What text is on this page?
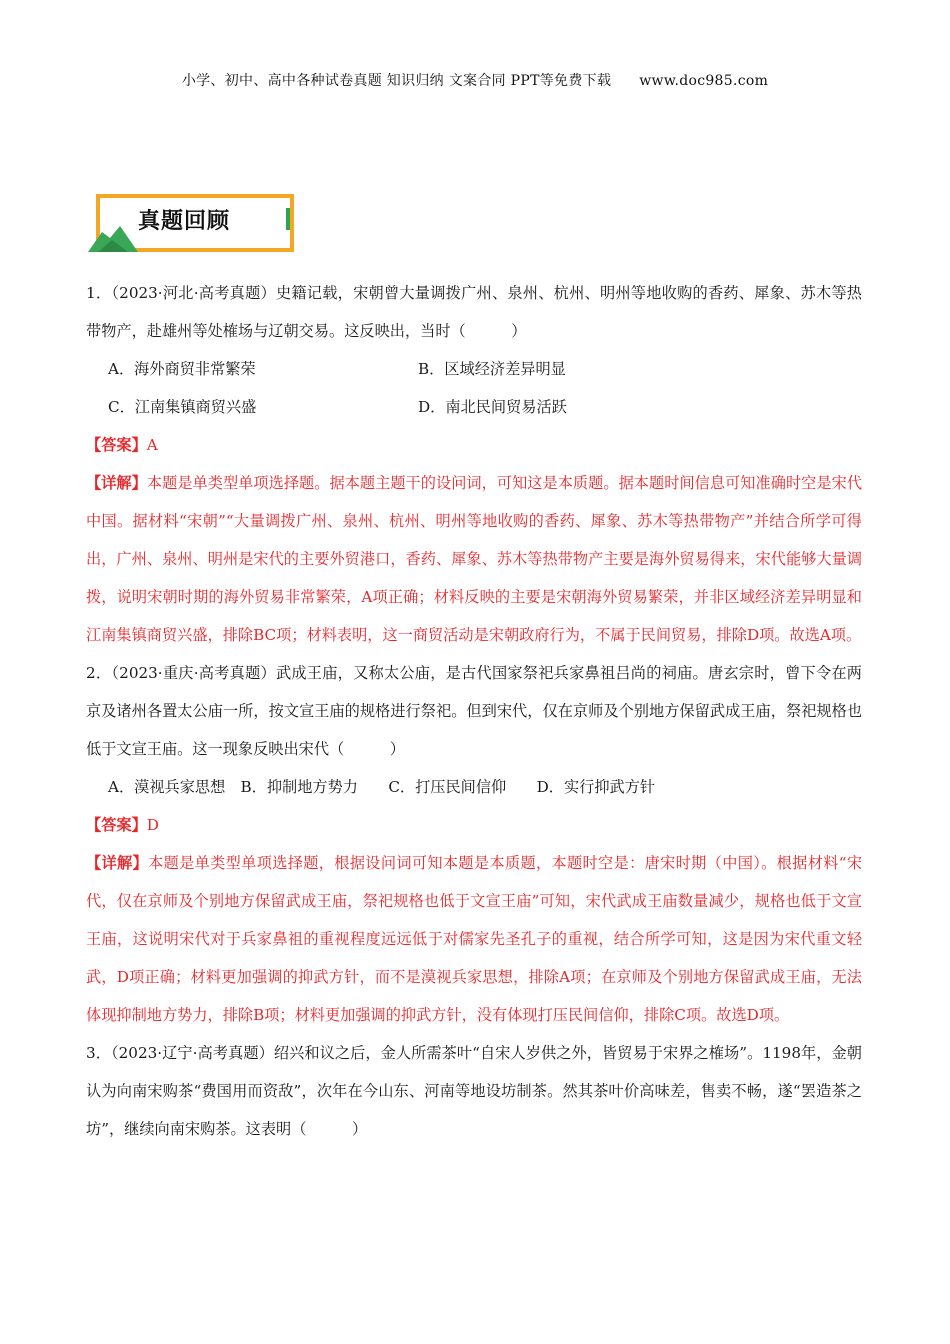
小学、初中、高中各种试卷真题 知识归纳 文案合同 PPT等免费下载 www.doc985.com
真题回顾

1．（2023·河北·高考真题）史籍记载，宋朝曾大量调拨广州、泉州、杭州、明州等地收购的香药、犀象、苏木等热带物产，赴雄州等处榷场与辽朝交易。这反映出，当时（　　　）

A．海外商贸非常繁荣	B．区域经济差异明显
C．江南集镇商贸兴盛	D．南北民间贸易活跃

【答案】A

【详解】本题是单类型单项选择题。据本题主题干的设问词，可知这是本质题。据本题时间信息可知准确时空是宋代中国。据材料“宋朝”“大量调拨广州、泉州、杭州、明州等地收购的香药、犀象、苏木等热带物产”并结合所学可得出，广州、泉州、明州是宋代的主要外贸港口，香药、犀象、苏木等热带物产主要是海外贸易得来，宋代能够大量调拨，说明宋朝时期的海外贸易非常繁荣，A项正确；材料反映的主要是宋朝海外贸易繁荣，并非区域经济差异明显和江南集镇商贸兴盛，排除BC项；材料表明，这一商贸活动是宋朝政府行为，不属于民间贸易，排除D项。故选A项。

2．（2023·重庆·高考真题）武成王庙，又称太公庙，是古代国家祭祀兵家鼻祖吕尚的祠庙。唐玄宗时，曾下令在两京及诸州各置太公庙一所，按文宣王庙的规格进行祭祀。但到宋代，仅在京师及个别地方保留武成王庙，祭祀规格也低于文宣王庙。这一现象反映出宋代（　　　）

A．漠视兵家思想　B．抑制地方势力　　C．打压民间信仰　　D．实行抑武方针

【答案】D

【详解】本题是单类型单项选择题，根据设问词可知本题是本质题，本题时空是：唐宋时期（中国）。根据材料“宋代，仅在京师及个别地方保留武成王庙，祭祀规格也低于文宣王庙”可知，宋代武成王庙数量减少，规格也低于文宣王庙，这说明宋代对于兵家鼻祖的重视程度远远低于对儒家先圣孔子的重视，结合所学可知，这是因为宋代重文轻武，D项正确；材料更加强调的抑武方针，而不是漠视兵家思想，排除A项；在京师及个别地方保留武成王庙，无法体现抑制地方势力，排除B项；材料更加强调的抑武方针，没有体现打压民间信仰，排除C项。故选D项。

3．（2023·辽宁·高考真题）绍兴和议之后，金人所需茶叶“自宋人岁供之外，皆贸易于宋界之榷场”。1198年，金朝认为向南宋购茶“费国用而资敌”，次年在今山东、河南等地设坊制茶。然其茶叶价高味差，售卖不畅，遂“罢造茶之坊”，继续向南宋购茶。这表明（　　　）
